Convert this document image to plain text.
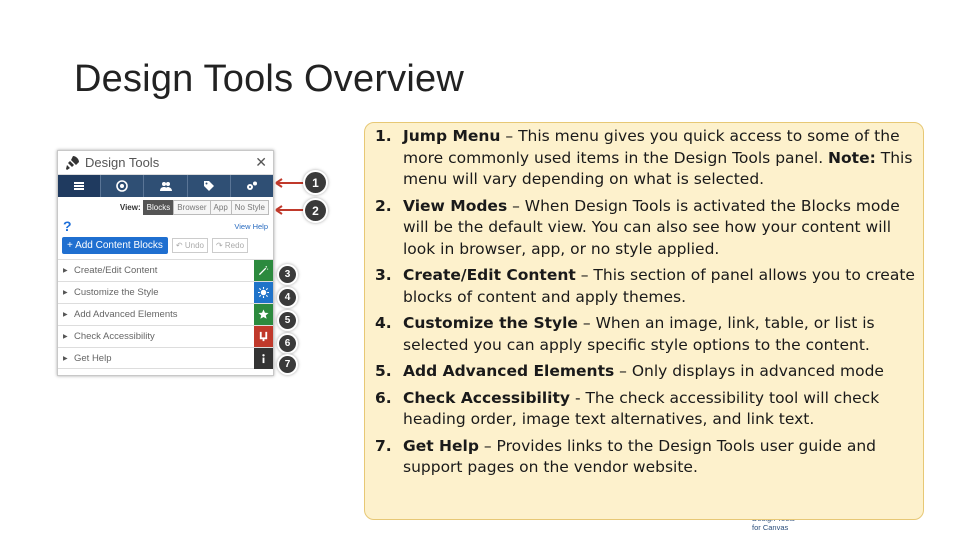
Design Tools Overview
Design Tools	✕
View: Blocks Browser App No Style
?	View Help
+ Add Content Blocks	↶ Undo	↷ Redo
▶ Create/Edit Content
▶ Customize the Style
▶ Add Advanced Elements
▶ Check Accessibility
▶ Get Help
1
2
3
4
5
6
7
for Canvas
1. Jump Menu – This menu gives you quick access to some of the more commonly used items in the Design Tools panel. Note: This menu will vary depending on what is selected.
2. View Modes – When Design Tools is activated the Blocks mode will be the default view. You can also see how your content will look in browser, app, or no style applied.
3. Create/Edit Content – This section of panel allows you to create blocks of content and apply themes.
4. Customize the Style – When an image, link, table, or list is selected you can apply specific style options to the content.
5. Add Advanced Elements – Only displays in advanced mode
6. Check Accessibility - The check accessibility tool will check heading order, image text alternatives, and link text.
7. Get Help – Provides links to the Design Tools user guide and support pages on the vendor website.
